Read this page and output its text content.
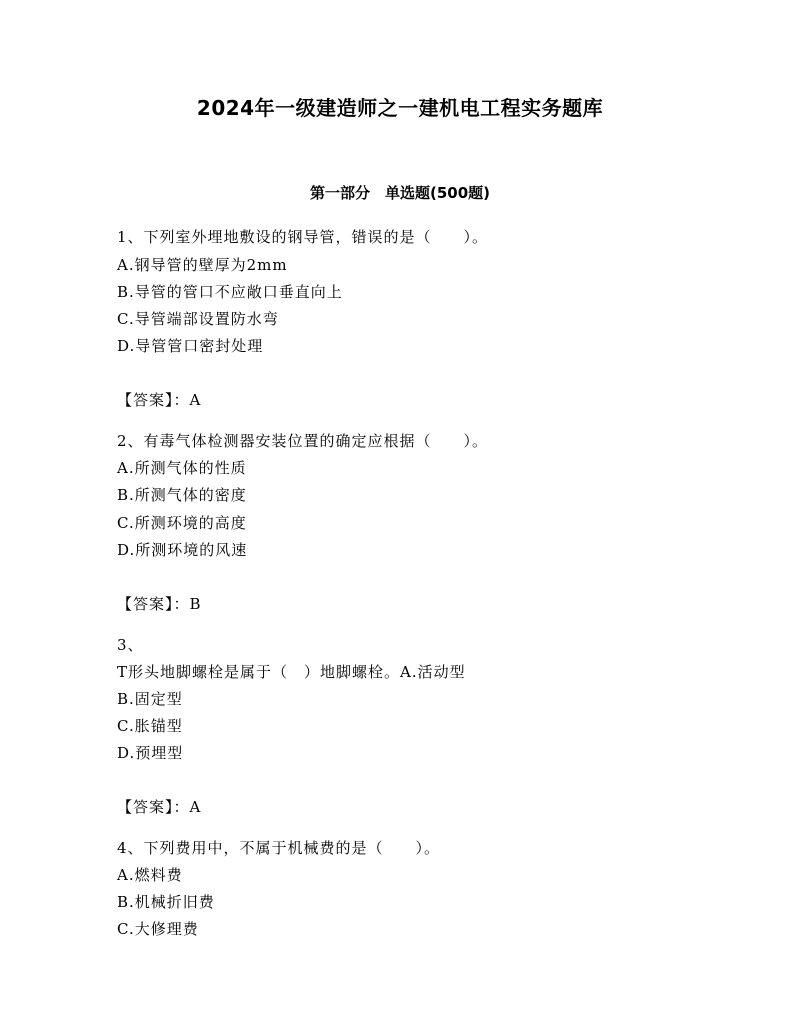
2024年一级建造师之一建机电工程实务题库
第一部分　单选题(500题)
1、下列室外埋地敷设的钢导管，错误的是（　　）。
A.钢导管的壁厚为2mm
B.导管的管口不应敞口垂直向上
C.导管端部设置防水弯
D.导管管口密封处理
【答案】：A
2、有毒气体检测器安装位置的确定应根据（　　）。
A.所测气体的性质
B.所测气体的密度
C.所测环境的高度
D.所测环境的风速
【答案】：B
3、
T形头地脚螺栓是属于（　）地脚螺栓。A.活动型
B.固定型
C.胀锚型
D.预埋型
【答案】：A
4、下列费用中，不属于机械费的是（　　）。
A.燃料费
B.机械折旧费
C.大修理费
